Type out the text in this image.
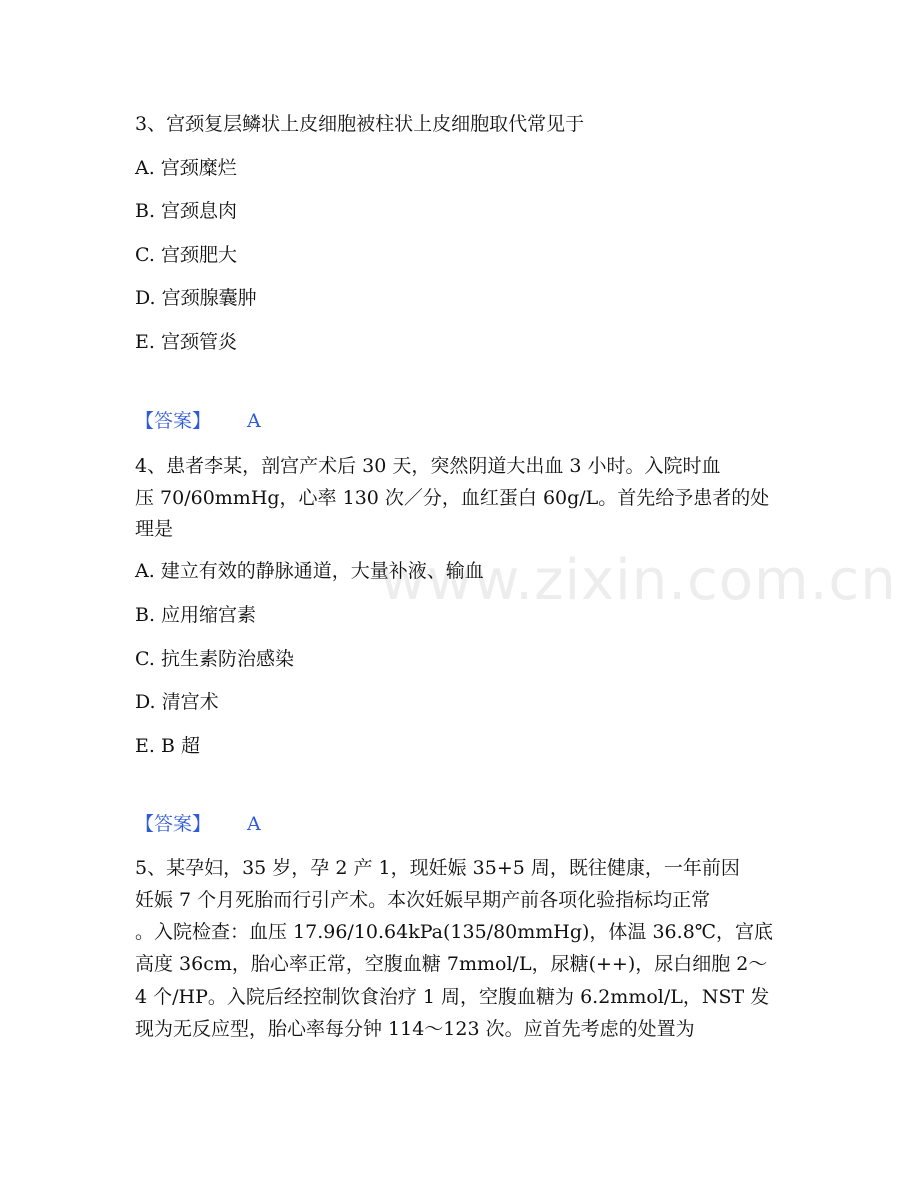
www.zixin.com.cn

3、宫颈复层鳞状上皮细胞被柱状上皮细胞取代常见于

A. 宫颈糜烂

B. 宫颈息肉

C. 宫颈肥大

D. 宫颈腺囊肿

E. 宫颈管炎

【答案】 A

4、患者李某，剖宫产术后 30 天，突然阴道大出血 3 小时。入院时血

压 70/60mmHg，心率 130 次／分，血红蛋白 60g/L。首先给予患者的处

理是

A. 建立有效的静脉通道，大量补液、输血

B. 应用缩宫素

C. 抗生素防治感染

D. 清宫术

E. B 超

【答案】 A

5、某孕妇，35 岁，孕 2 产 1，现妊娠 35+5 周，既往健康，一年前因

妊娠 7 个月死胎而行引产术。本次妊娠早期产前各项化验指标均正常

。入院检查：血压 17.96/10.64kPa(135/80mmHg)，体温 36.8℃，宫底

高度 36cm，胎心率正常，空腹血糖 7mmol/L，尿糖(++)，尿白细胞 2～

4 个/HP。入院后经控制饮食治疗 1 周，空腹血糖为 6.2mmol/L，NST 发

现为无反应型，胎心率每分钟 114～123 次。应首先考虑的处置为
